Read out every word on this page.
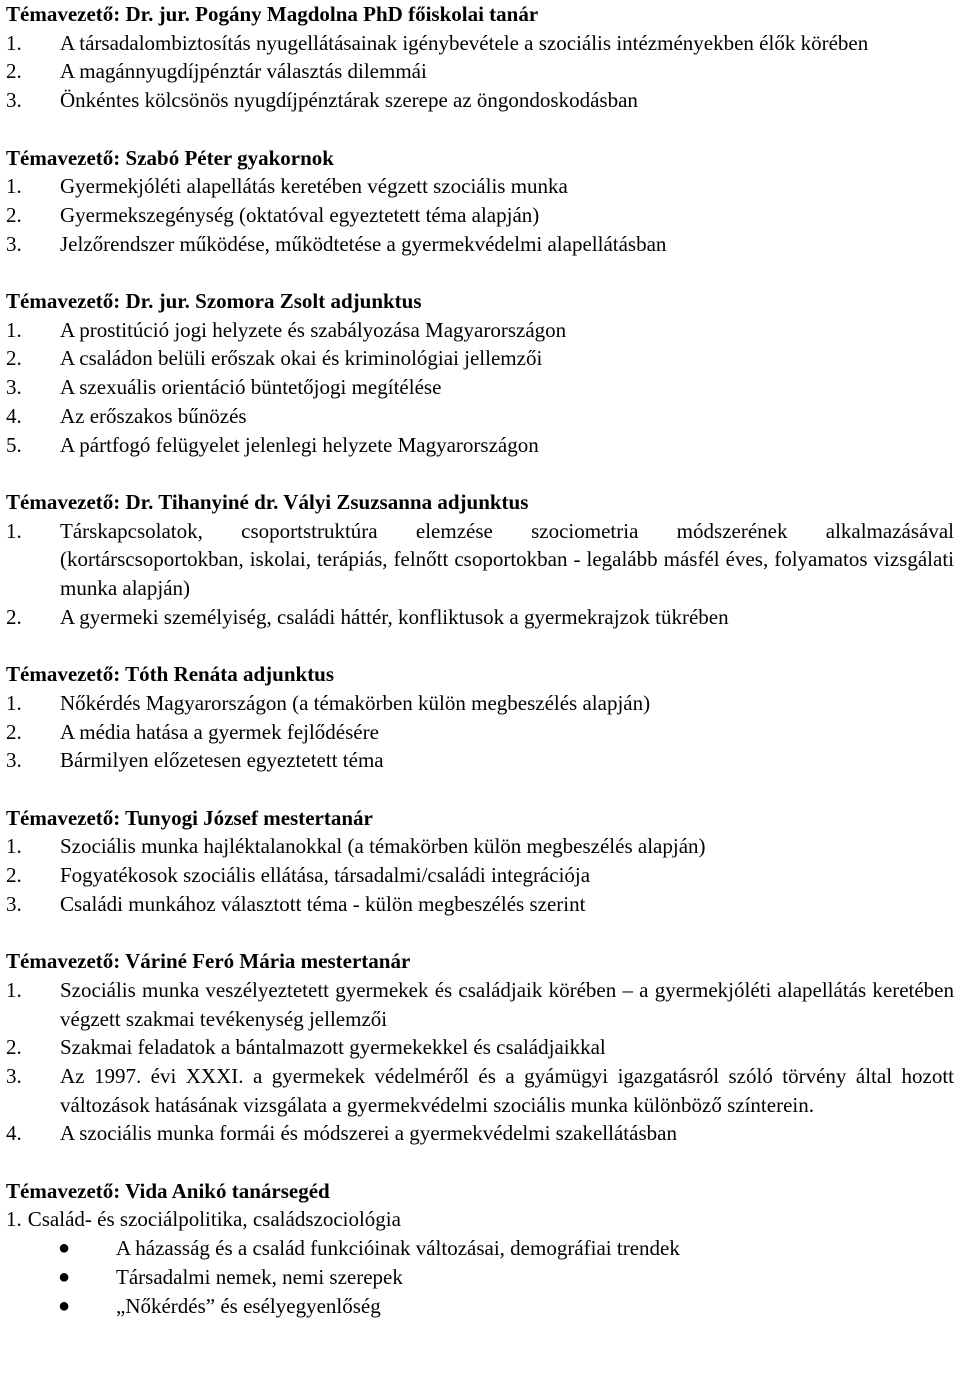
Témavezető: Dr. jur. Pogány Magdolna PhD főiskolai tanár

1.	A társadalombiztosítás nyugellátásainak igénybevétele a szociális intézményekben élők körében
2.	A magánnyugdíjpénztár választás dilemmái
3.	Önkéntes kölcsönös nyugdíjpénztárak szerepe az öngondoskodásban

Témavezető: Szabó Péter gyakornok

1.	Gyermekjóléti alapellátás keretében végzett szociális munka
2.	Gyermekszegénység (oktatóval egyeztetett téma alapján)
3.	Jelzőrendszer működése, működtetése a gyermekvédelmi alapellátásban

Témavezető: Dr. jur. Szomora Zsolt adjunktus

1.	A prostitúció jogi helyzete és szabályozása Magyarországon
2.	A családon belüli erőszak okai és kriminológiai jellemzői
3.	A szexuális orientáció büntetőjogi megítélése
4.	Az erőszakos bűnözés
5.	A pártfogó felügyelet jelenlegi helyzete Magyarországon

Témavezető: Dr. Tihanyiné dr. Vályi Zsuzsanna adjunktus

1.	Társkapcsolatok, csoportstruktúra elemzése szociometria módszerének alkalmazásával (kortárscsoportokban, iskolai, terápiás, felnőtt csoportokban - legalább másfél éves, folyamatos vizsgálati munka alapján)
2.	A gyermeki személyiség, családi háttér, konfliktusok a gyermekrajzok tükrében

Témavezető: Tóth Renáta adjunktus

1.	Nőkérdés Magyarországon (a témakörben külön megbeszélés alapján)
2.	A média hatása a gyermek fejlődésére
3.	Bármilyen előzetesen egyeztetett téma

Témavezető: Tunyogi József mestertanár

1.	Szociális munka hajléktalanokkal (a témakörben külön megbeszélés alapján)
2.	Fogyatékosok szociális ellátása, társadalmi/családi integrációja
3.	Családi munkához választott téma - külön megbeszélés szerint

Témavezető: Váriné Feró Mária mestertanár

1.	Szociális munka veszélyeztetett gyermekek és családjaik körében – a gyermekjóléti alapellátás keretében végzett szakmai tevékenység jellemzői
2.	Szakmai feladatok a bántalmazott gyermekekkel és családjaikkal
3.	Az 1997. évi XXXI. a gyermekek védelméről és a gyámügyi igazgatásról szóló törvény által hozott változások hatásának vizsgálata a gyermekvédelmi szociális munka különböző színterein.
4.	A szociális munka formái és módszerei a gyermekvédelmi szakellátásban

Témavezető: Vida Anikó tanársegéd

1. Család- és szociálpolitika, családszociológia
●	A házasság és a család funkcióinak változásai, demográfiai trendek
●	Társadalmi nemek, nemi szerepek
●	„Nőkérdés” és esélyegyenlőség
